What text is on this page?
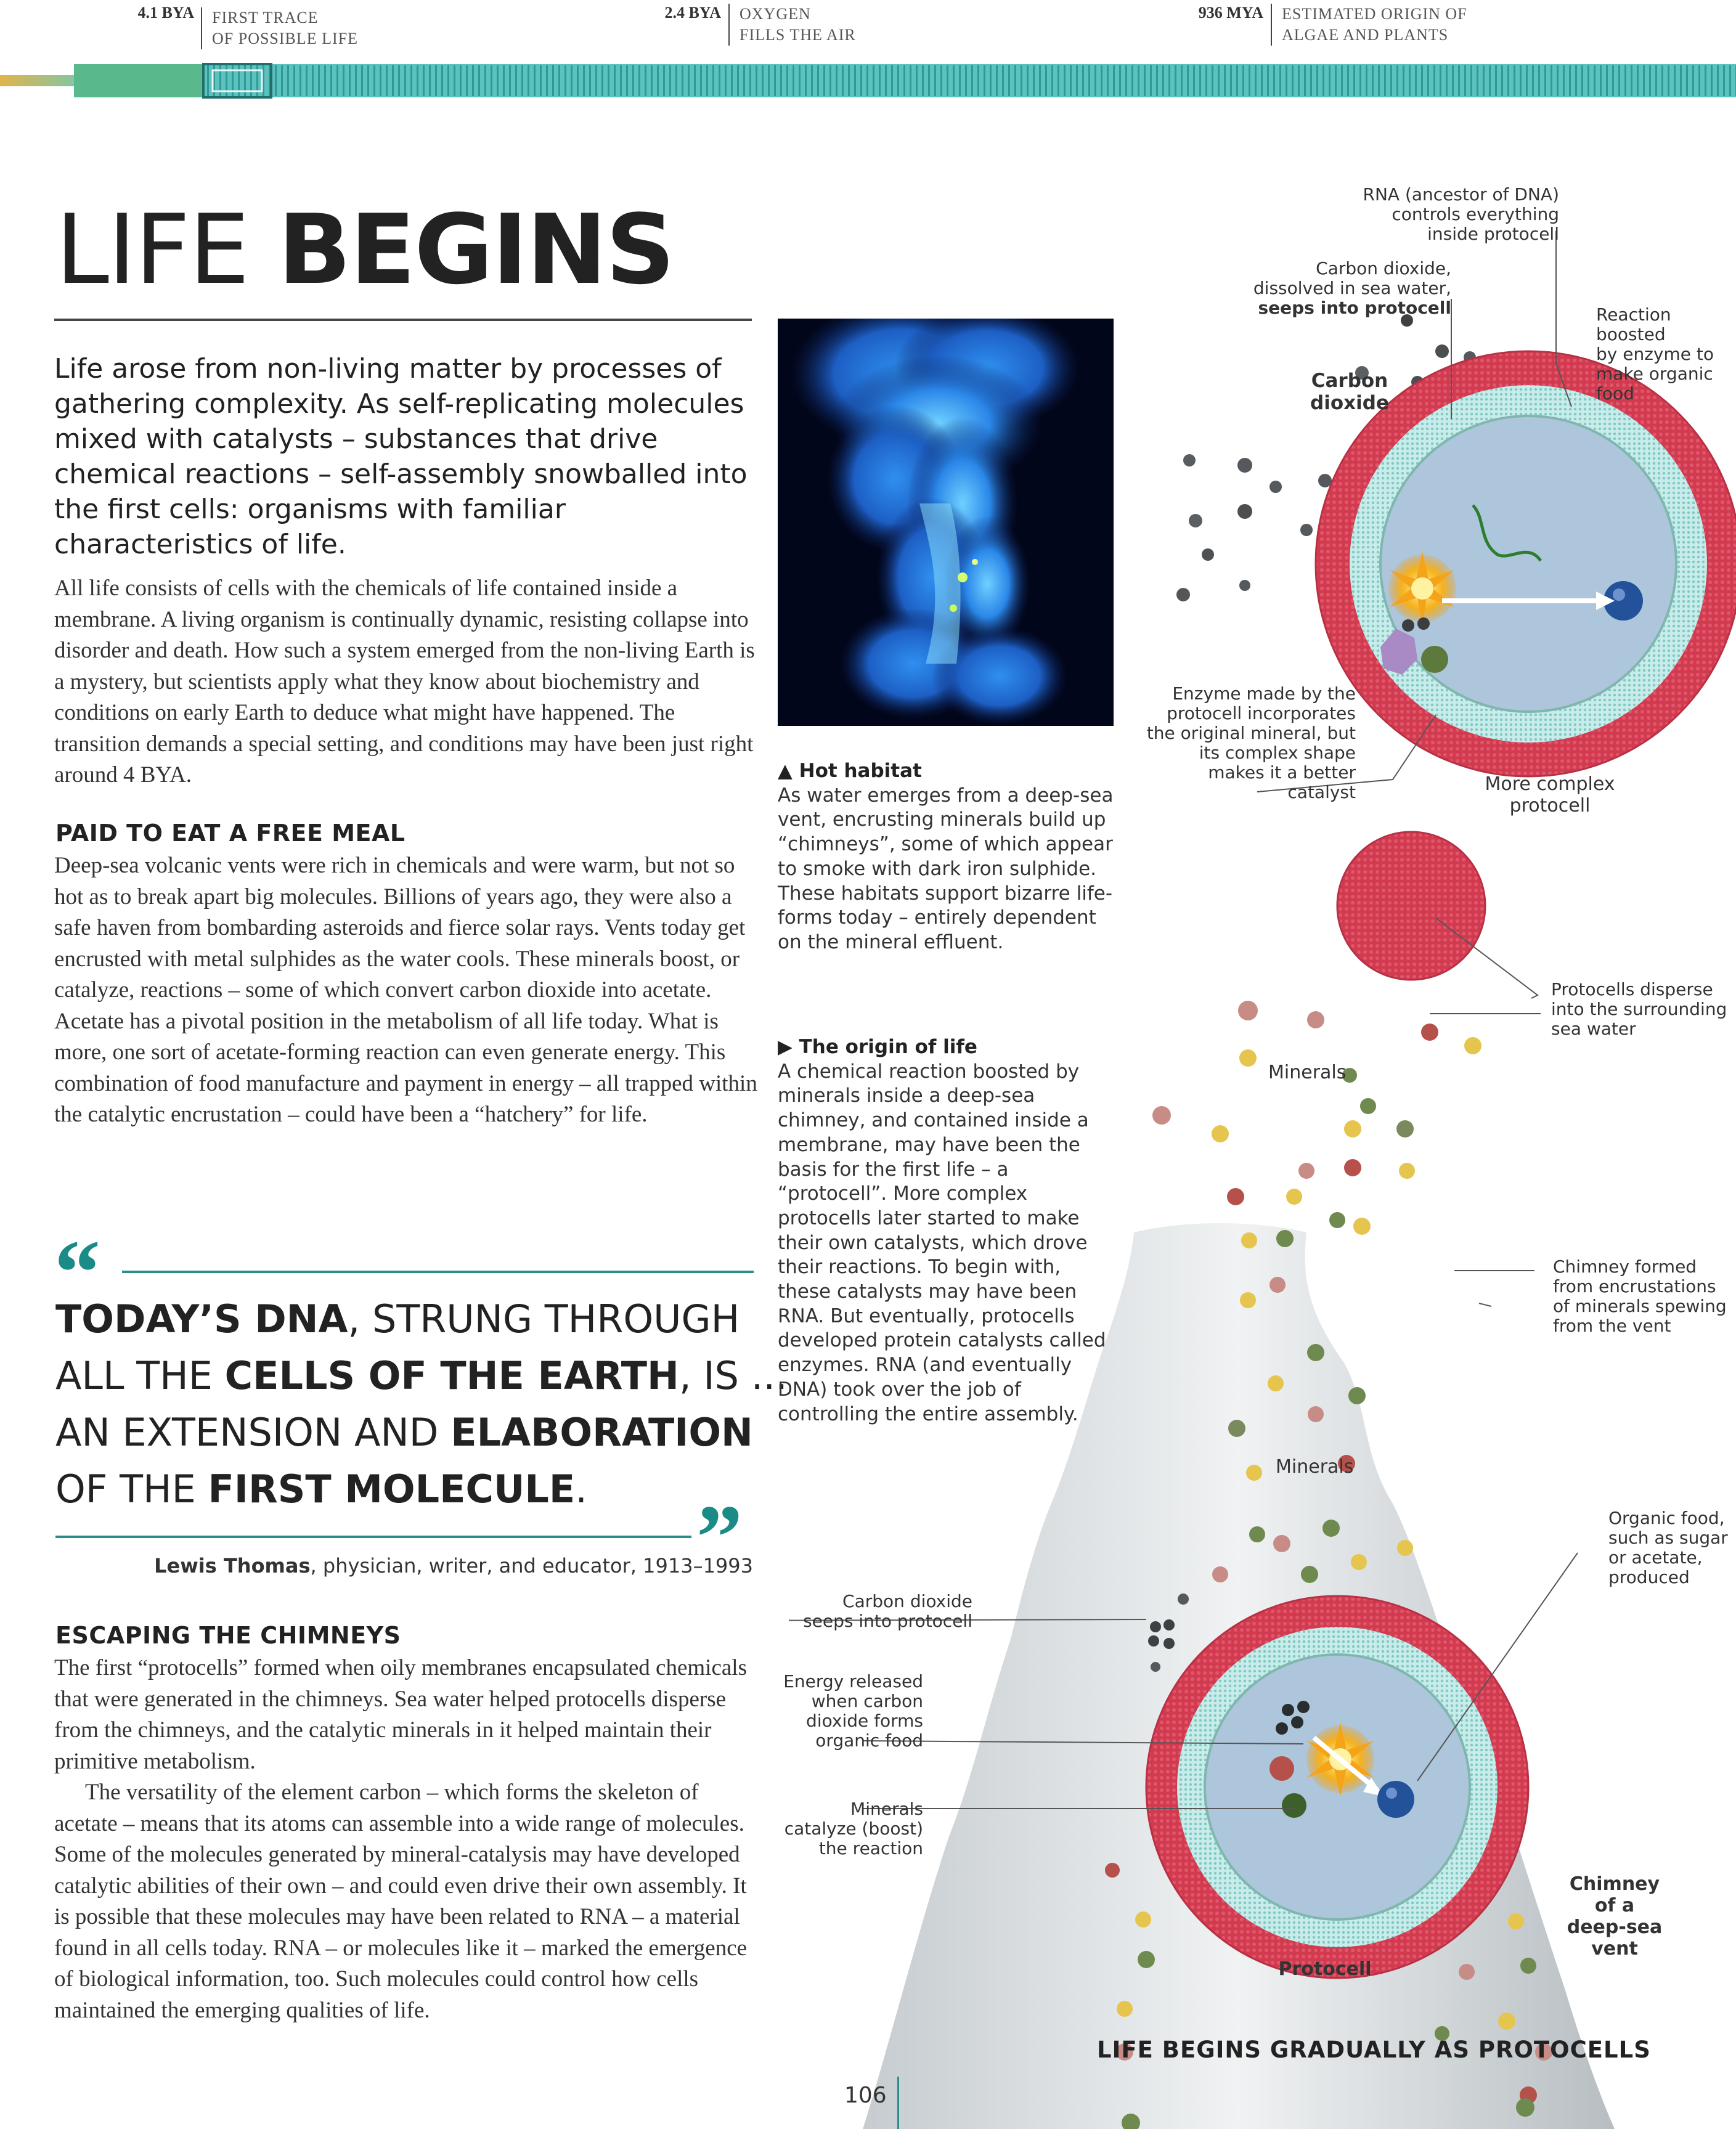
4.1 BYA	FIRST TRACE
OF POSSIBLE LIFE
2.4 BYA	OXYGEN
FILLS THE AIR
936 MYA	ESTIMATED ORIGIN OF
ALGAE AND PLANTS
LIFE BEGINS
Life arose from non-living matter by processes of gathering complexity. As self-replicating molecules mixed with catalysts – substances that drive chemical reactions – self-assembly snowballed into the first cells: organisms with familiar characteristics of life.

All life consists of cells with the chemicals of life contained inside a membrane. A living organism is continually dynamic, resisting collapse into disorder and death. How such a system emerged from the non-living Earth is a mystery, but scientists apply what they know about biochemistry and conditions on early Earth to deduce what might have happened. The transition demands a special setting, and conditions may have been just right around 4 BYA.

PAID TO EAT A FREE MEAL

Deep-sea volcanic vents were rich in chemicals and were warm, but not so hot as to break apart big molecules. Billions of years ago, they were also a safe haven from bombarding asteroids and fierce solar rays. Vents today get encrusted with metal sulphides as the water cools. These minerals boost, or catalyze, reactions – some of which convert carbon dioxide into acetate. Acetate has a pivotal position in the metabolism of all life today. What is more, one sort of acetate-forming reaction can even generate energy. This combination of food manufacture and payment in energy – all trapped within the catalytic encrustation – could have been a “hatchery” for life.

“
TODAY’S DNA, STRUNG THROUGH
ALL THE CELLS OF THE EARTH, IS ...
AN EXTENSION AND ELABORATION
OF THE FIRST MOLECULE.	”
Lewis Thomas, physician, writer, and educator, 1913–1993
ESCAPING THE CHIMNEYS

The first “protocells” formed when oily membranes encapsulated chemicals that were generated in the chimneys. Sea water helped protocells disperse from the chimneys, and the catalytic minerals in it helped maintain their primitive metabolism.

The versatility of the element carbon – which forms the skeleton of acetate – means that its atoms can assemble into a wide range of molecules. Some of the molecules generated by mineral-catalysis may have developed catalytic abilities of their own – and could even drive their own assembly. It is possible that these molecules may have been related to RNA – a material found in all cells today. RNA – or molecules like it – marked the emergence of biological information, too. Such molecules could control how cells maintained the emerging qualities of life.

▲ Hot habitat
As water emerges from a deep-sea vent, encrusting minerals build up “chimneys”, some of which appear to smoke with dark iron sulphide. These habitats support bizarre life-forms today – entirely dependent on the mineral effluent.
▶ The origin of life
A chemical reaction boosted by minerals inside a deep-sea chimney, and contained inside a membrane, may have been the basis for the first life – a “protocell”. More complex protocells later started to make their own catalysts, which drove their reactions. To begin with, these catalysts may have been RNA. But eventually, protocells developed protein catalysts called enzymes. RNA (and eventually DNA) took over the job of controlling the entire assembly.
RNA (ancestor of DNA)
controls everything
inside protocell
Carbon dioxide,
dissolved in sea water,
seeps into protocell	Reaction boosted
by enzyme to
make organic food
Carbon
dioxide
Enzyme made by the
protocell incorporates
the original mineral, but
its complex shape
makes it a better
catalyst	More complex
protocell
Protocells disperse
into the surrounding
sea water
Minerals
Chimney formed
from encrustations
of minerals spewing
from the vent
Minerals
Organic food,
such as sugar
or acetate,
produced
Carbon dioxide
seeps into protocell
Energy released
when carbon
dioxide forms
organic food
Minerals
catalyze (boost)
the reaction
Chimney
of a
deep-sea
vent
Protocell
LIFE BEGINS GRADUALLY AS PROTOCELLS
106
